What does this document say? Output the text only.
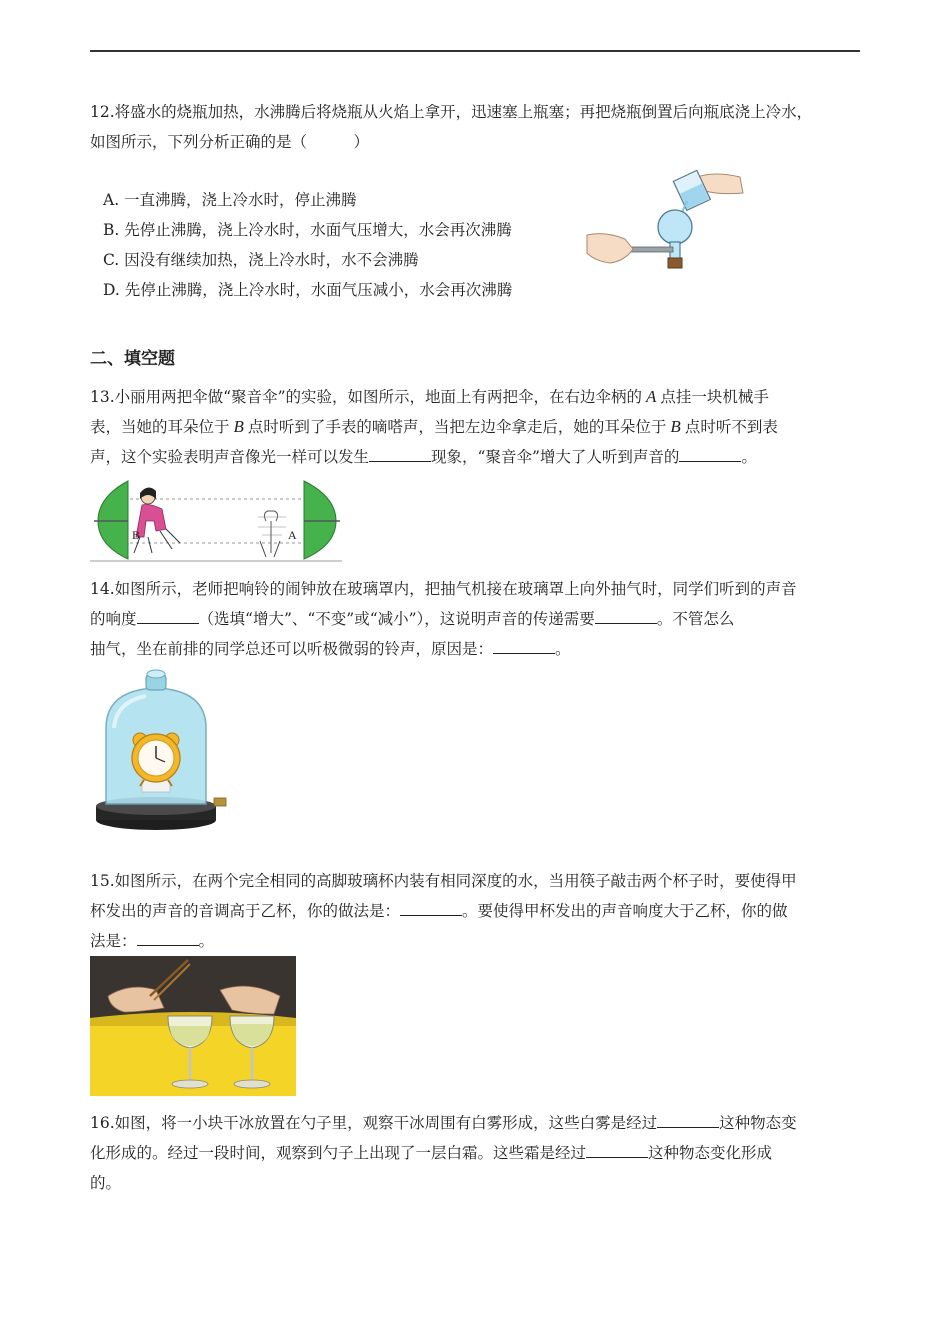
12.将盛水的烧瓶加热，水沸腾后将烧瓶从火焰上拿开，迅速塞上瓶塞；再把烧瓶倒置后向瓶底浇上冷水，
如图所示，下列分析正确的是（　　　）
A. 一直沸腾，浇上冷水时，停止沸腾
B. 先停止沸腾，浇上冷水时，水面气压增大，水会再次沸腾
C. 因没有继续加热，浇上冷水时，水不会沸腾
D. 先停止沸腾，浇上冷水时，水面气压减小，水会再次沸腾
二、填空题
13.小丽用两把伞做“聚音伞”的实验，如图所示，地面上有两把伞，在右边伞柄的 A 点挂一块机械手
表，当她的耳朵位于 B 点时听到了手表的嘀嗒声，当把左边伞拿走后，她的耳朵位于 B 点时听不到表
声，这个实验表明声音像光一样可以发生	现象，“聚音伞”增大了人听到声音的	。
B	A
14.如图所示，老师把响铃的闹钟放在玻璃罩内，把抽气机接在玻璃罩上向外抽气时，同学们听到的声音
的响度	（选填“增大”、“不变”或“减小”），这说明声音的传递需要	。不管怎么
抽气，坐在前排的同学总还可以听极微弱的铃声，原因是：	。
15.如图所示，在两个完全相同的高脚玻璃杯内装有相同深度的水，当用筷子敲击两个杯子时，要使得甲
杯发出的声音的音调高于乙杯，你的做法是：	。要使得甲杯发出的声音响度大于乙杯，你的做
法是：	。
16.如图，将一小块干冰放置在勺子里，观察干冰周围有白雾形成，这些白雾是经过	这种物态变
化形成的。经过一段时间，观察到勺子上出现了一层白霜。这些霜是经过	这种物态变化形成
的。
